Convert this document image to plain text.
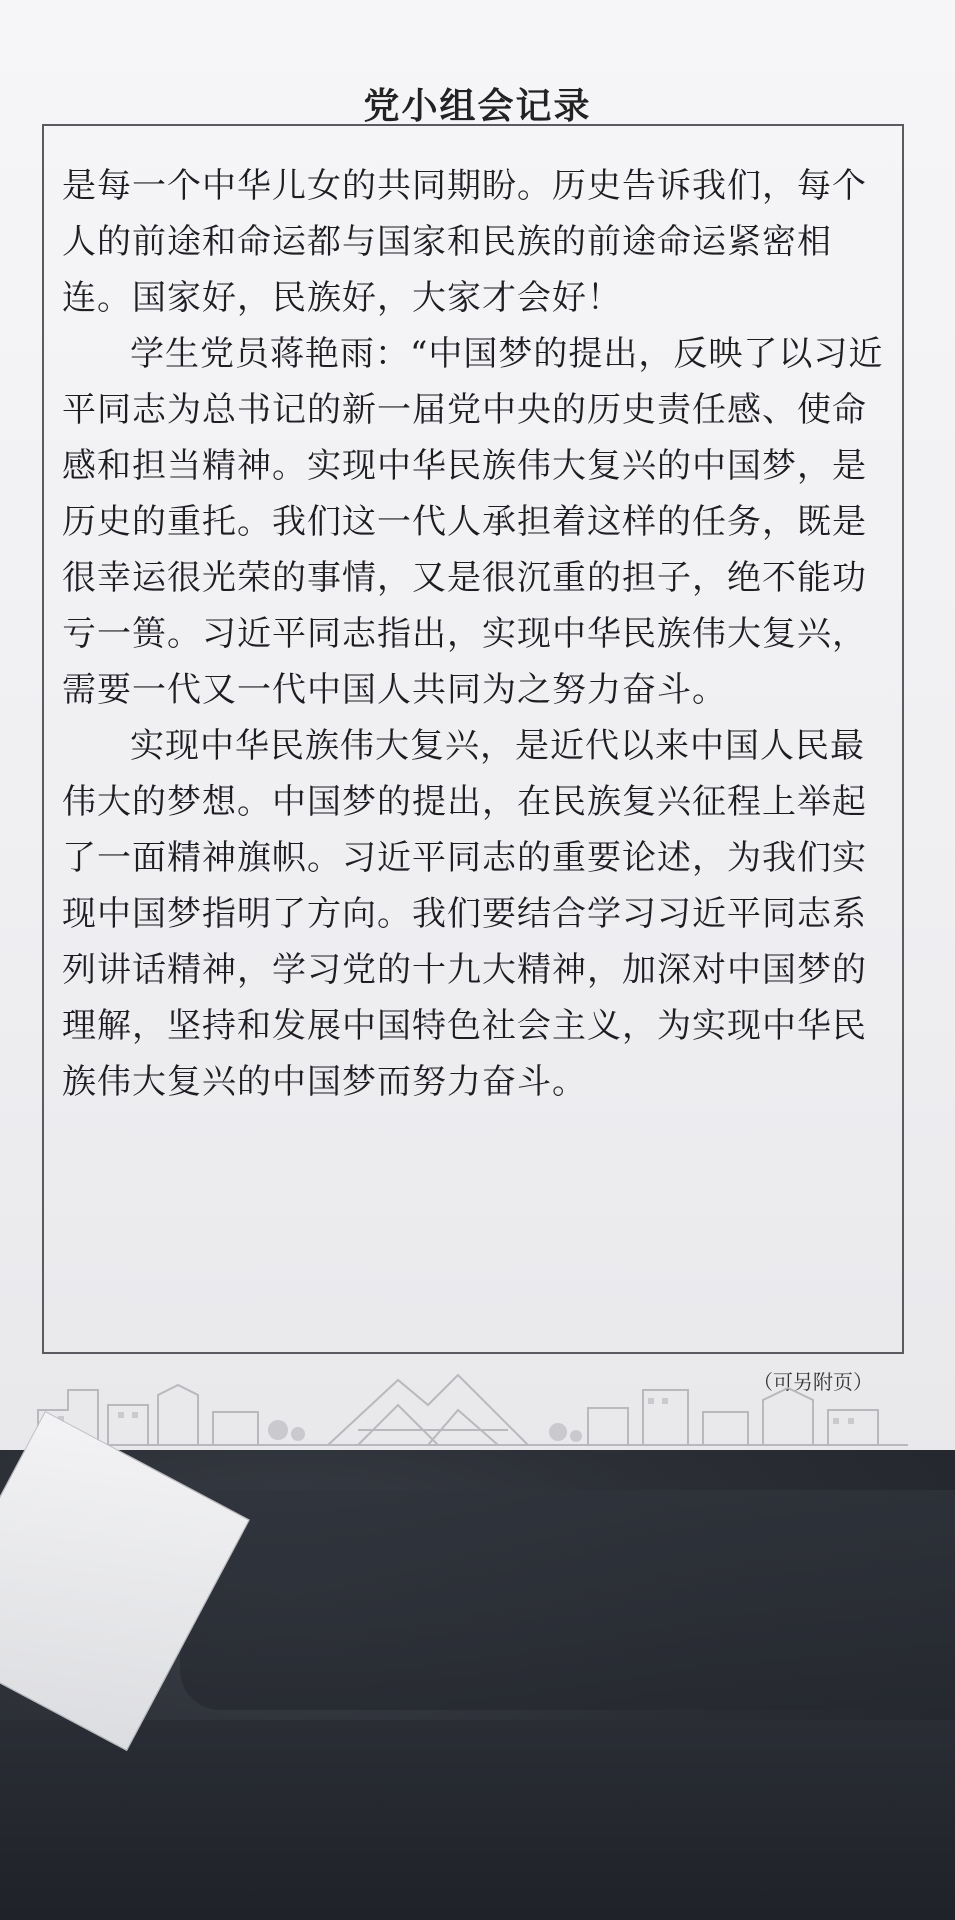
党小组会记录

是每一个中华儿女的共同期盼。历史告诉我们，每个人的前途和命运都与国家和民族的前途命运紧密相连。国家好，民族好，大家才会好！

学生党员蒋艳雨：“中国梦的提出，反映了以习近平同志为总书记的新一届党中央的历史责任感、使命感和担当精神。实现中华民族伟大复兴的中国梦，是历史的重托。我们这一代人承担着这样的任务，既是很幸运很光荣的事情，又是很沉重的担子，绝不能功亏一篑。习近平同志指出，实现中华民族伟大复兴，需要一代又一代中国人共同为之努力奋斗。

实现中华民族伟大复兴，是近代以来中国人民最伟大的梦想。中国梦的提出，在民族复兴征程上举起了一面精神旗帜。习近平同志的重要论述，为我们实现中国梦指明了方向。我们要结合学习习近平同志系列讲话精神，学习党的十九大精神，加深对中国梦的理解，坚持和发展中国特色社会主义，为实现中华民族伟大复兴的中国梦而努力奋斗。

（可另附页）
